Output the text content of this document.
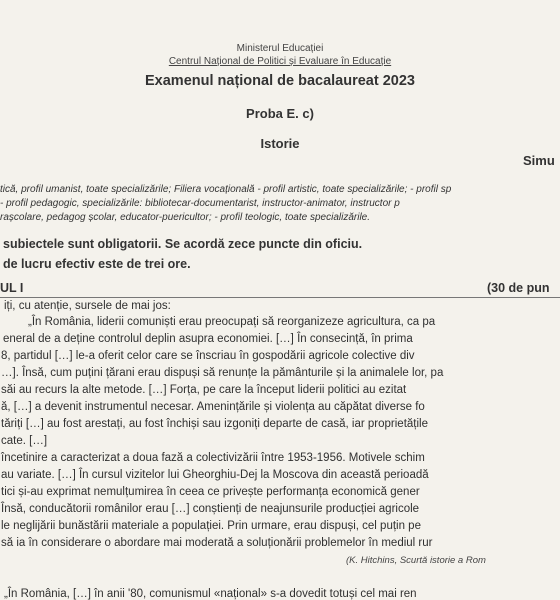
Ministerul Educației
Centrul Național de Politici și Evaluare în Educație
Examenul național de bacalaureat 2023
Proba E. c)
Istorie
Simu
tică, profil umanist, toate specializările; Filiera vocațională - profil artistic, toate specializările; - profil sp
- profil pedagogic, specializările: bibliotecar-documentarist, instructor-animator, instructor p
rașcolare, pedagog școlar, educator-puericultor; - profil teologic, toate specializările.
subiectele sunt obligatorii. Se acordă zece puncte din oficiu.
de lucru efectiv este de trei ore.
UL I	(30 de pun
iți, cu atenție, sursele de mai jos:
„În România, liderii comuniști erau preocupați să reorganizeze agricultura, ca pa
eneral de a deține controlul deplin asupra economiei. […] În consecință, în prima
8, partidul […] le-a oferit celor care se înscriau în gospodării agricole colective div
…]. Însă, cum puțini țărani erau dispuși să renunțe la pământurile și la animalele lor, pa
săi au recurs la alte metode. […] Forța, pe care la început liderii politici au ezitat
ă, […] a devenit instrumentul necesar. Amenințările și violența au căpătat diverse fo
tăriți […] au fost arestați, au fost închiși sau izgoniți departe de casă, iar proprietățile
cate. […]
încetinire a caracterizat a doua fază a colectivizării între 1953-1956. Motivele schim
au variate. […] În cursul vizitelor lui Gheorghiu-Dej la Moscova din această perioadă
tici și-au exprimat nemulțumirea în ceea ce privește performanța economică gener
Însă, conducătorii românilor erau […] conștienți de neajunsurile producției agricole
le neglijării bunăstării materiale a populației. Prin urmare, erau dispuși, cel puțin pe
să ia în considerare o abordare mai moderată a soluționării problemelor în mediul rur
(K. Hitchins, Scurtă istorie a Rom
„În România, […] în anii '80, comunismul «național» s-a dovedit totuși cel mai ren
